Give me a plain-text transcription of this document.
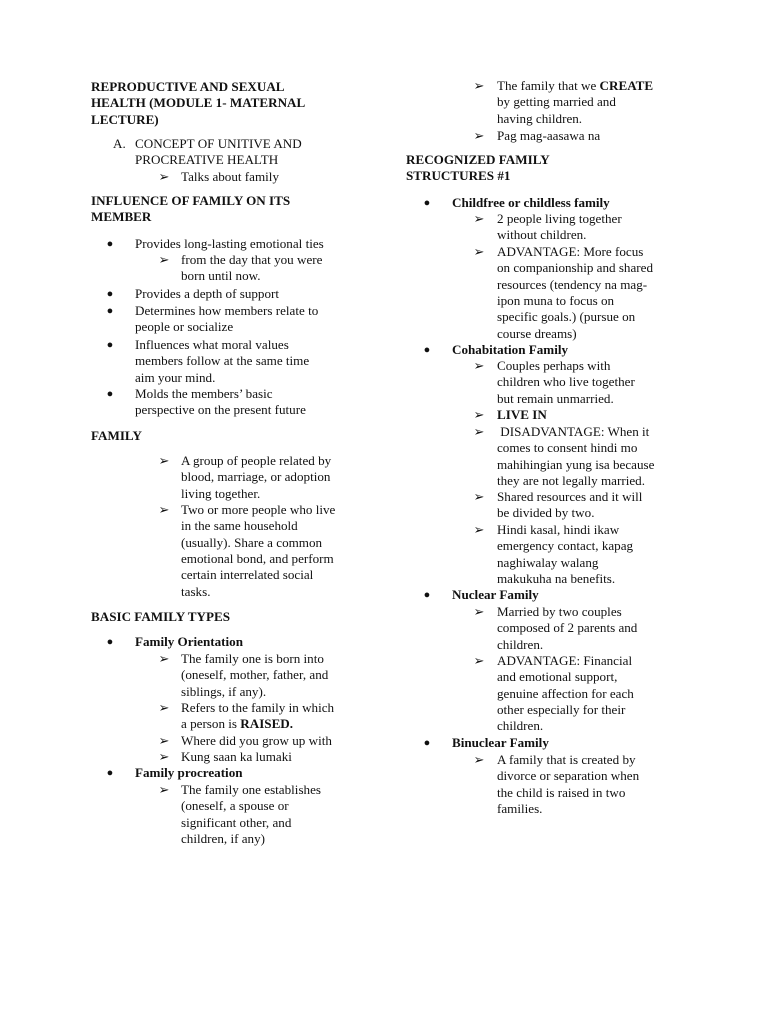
REPRODUCTIVE AND SEXUAL
HEALTH (MODULE 1- MATERNAL
LECTURE)
A. CONCEPT OF UNITIVE AND
PROCREATIVE HEALTH
➢ Talks about family
INFLUENCE OF FAMILY ON ITS
MEMBER
● Provides long-lasting emotional ties
➢ from the day that you were
born until now.
● Provides a depth of support
● Determines how members relate to
people or socialize
● Influences what moral values
members follow at the same time
aim your mind.
● Molds the members’ basic
perspective on the present future
FAMILY
➢ A group of people related by
blood, marriage, or adoption
living together.
➢ Two or more people who live
in the same household
(usually). Share a common
emotional bond, and perform
certain interrelated social
tasks.
BASIC FAMILY TYPES
● Family Orientation
➢ The family one is born into
(oneself, mother, father, and
siblings, if any).
➢ Refers to the family in which
a person is RAISED.
➢ Where did you grow up with
➢ Kung saan ka lumaki
● Family procreation
➢ The family one establishes
(oneself, a spouse or
significant other, and
children, if any)
➢ The family that we CREATE
by getting married and
having children.
➢ Pag mag-aasawa na
RECOGNIZED FAMILY
STRUCTURES #1
● Childfree or childless family
➢ 2 people living together
without children.
➢ ADVANTAGE: More focus
on companionship and shared
resources (tendency na mag-
ipon muna to focus on
specific goals.) (pursue on
course dreams)
● Cohabitation Family
➢ Couples perhaps with
children who live together
but remain unmarried.
➢ LIVE IN
➢ DISADVANTAGE: When it
comes to consent hindi mo
mahihingian yung isa because
they are not legally married.
➢ Shared resources and it will
be divided by two.
➢ Hindi kasal, hindi ikaw
emergency contact, kapag
naghiwalay walang
makukuha na benefits.
● Nuclear Family
➢ Married by two couples
composed of 2 parents and
children.
➢ ADVANTAGE: Financial
and emotional support,
genuine affection for each
other especially for their
children.
● Binuclear Family
➢ A family that is created by
divorce or separation when
the child is raised in two
families.
